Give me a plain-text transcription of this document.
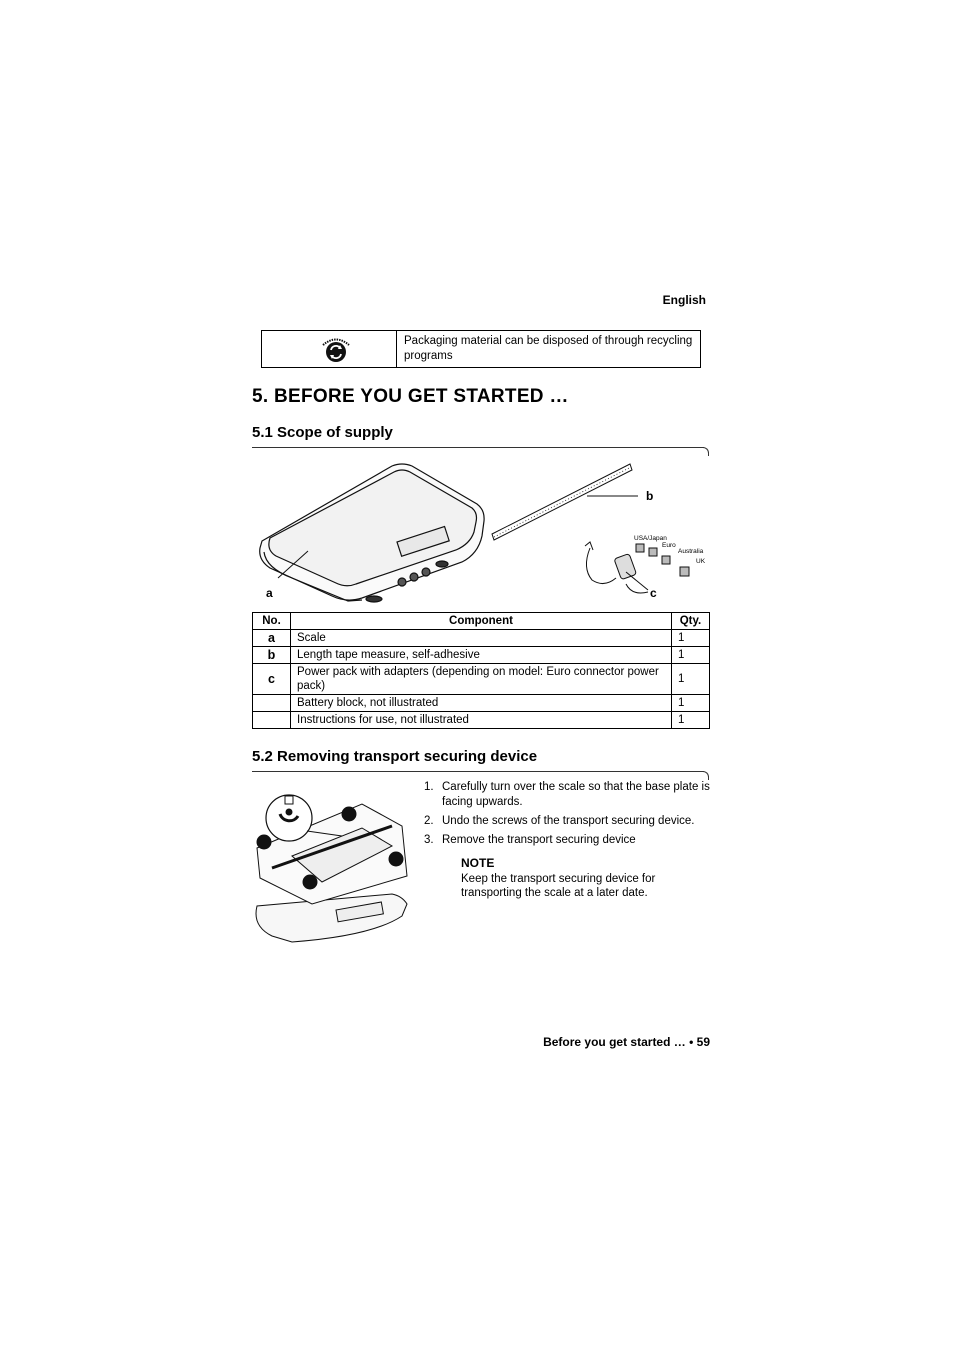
English
Packaging material can be disposed of through recycling programs
5. BEFORE YOU GET STARTED …
5.1 Scope of supply
a
b
c
USA/Japan
Euro
Australia
UK
No.	Component	Qty.
a	Scale	1
b	Length tape measure, self-adhesive	1
c	Power pack with adapters (depending on model: Euro connector power pack)	1
	Battery block, not illustrated	1
	Instructions for use, not illustrated	1
5.2 Removing transport securing device
1. Carefully turn over the scale so that the base plate is facing upwards.
2. Undo the screws of the transport securing device.
3. Remove the transport securing device
NOTE
Keep the transport securing device for transporting the scale at a later date.
Before you get started … • 59
